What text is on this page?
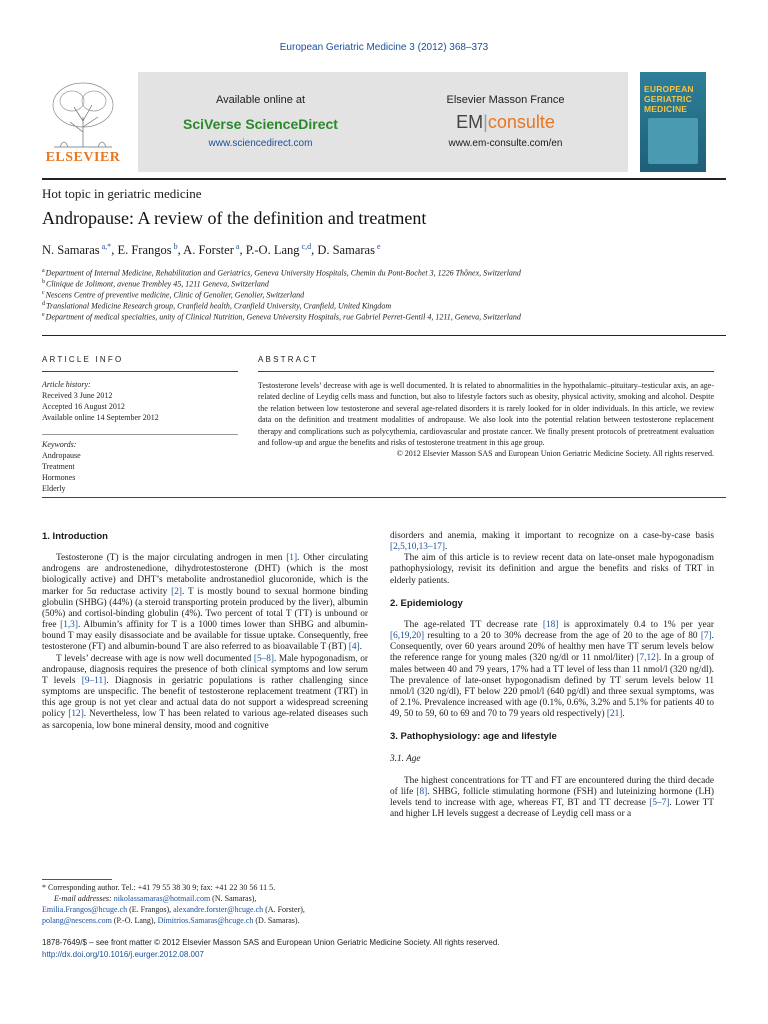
European Geriatric Medicine 3 (2012) 368–373
ELSEVIER
Available online at
SciVerse ScienceDirect
www.sciencedirect.com
Elsevier Masson France
EM|consulte
www.em-consulte.com/en
EUROPEAN
GERIATRIC
MEDICINE
Hot topic in geriatric medicine
Andropause: A review of the definition and treatment
N. Samaras $^{a,*}$, E. Frangos $^b$, A. Forster $^a$, P.-O. Lang $^{c,d}$, D. Samaras $^e$
$^a$Department of Internal Medicine, Rehabilitation and Geriatrics, Geneva University Hospitals, Chemin du Pont-Bochet 3, 1226 Thônex, Switzerland
$^b$Clinique de Jolimont, avenue Trembley 45, 1211 Geneva, Switzerland
$^c$Nescens Centre of preventive medicine, Clinic of Genolier, Genolier, Switzerland
$^d$Translational Medicine Research group, Cranfield health, Cranfield University, Cranfield, United Kingdom
$^e$Department of medical specialties, unity of Clinical Nutrition, Geneva University Hospitals, rue Gabriel Perret-Gentil 4, 1211, Geneva, Switzerland
ARTICLE INFO
Article history:
Received 3 June 2012
Accepted 16 August 2012
Available online 14 September 2012
Keywords:
Andropause
Treatment
Hormones
Elderly
ABSTRACT
Testosterone levels’ decrease with age is well documented. It is related to abnormalities in the hypothalamic–pituitary–testicular axis, an age-related decline of Leydig cells mass and function, but also to lifestyle factors such as obesity, physical activity, smoking and alcohol. Despite the relation between low testosterone and several age-related disorders it is rarely looked for in older individuals. In this article, we review data on the definition and treatment modalities of andropause. We also look into the potential relation between testosterone replacement therapy and complications such as polycythemia, cardiovascular and prostate cancer. We finally present protocols of pretreatment evaluation and follow-up and argue the benefits and risks of testosterone treatment in this age group.
© 2012 Elsevier Masson SAS and European Union Geriatric Medicine Society. All rights reserved.
1. Introduction

Testosterone (T) is the major circulating androgen in men [1]. Other circulating androgens are androstenedione, dihydrotestosterone (DHT) (which is the most biologically active) and DHT’s metabolite androstanediol glucoronide, which is the marker for 5α reductase activity [2]. T is mostly bound to sexual hormone binding globulin (SHBG) (44%) (a steroid transporting protein produced by the liver), albumin (50%) and cortisol-binding globulin (4%). Two percent of total T (TT) is unbound or free [1,3]. Albumin’s affinity for T is a 1000 times lower than SHBG and albumin-bound T may easily disassociate and be available for tissue uptake. Consequently, free testosterone (FT) and albumin-bound T are also referred to as bioavailable T (BT) [4].

T levels’ decrease with age is now well documented [5–8]. Male hypogonadism, or andropause, diagnosis requires the presence of both clinical symptoms and low serum T levels [9–11]. Diagnosis in geriatric populations is rather challenging since symptoms are unspecific. The benefit of testosterone replacement treatment (TRT) in this age group is not yet clear and actual data do not support a widespread screening policy [12]. Nevertheless, low T has been related to various age-related diseases such as sarcopenia, low bone mineral density, mood and cognitive

disorders and anemia, making it important to recognize on a case-by-case basis [2,5,10,13–17].

The aim of this article is to review recent data on late-onset male hypogonadism pathophysiology, revisit its definition and argue the benefits and risks of TRT in elderly patients.

2. Epidemiology

The age-related TT decrease rate [18] is approximately 0.4 to 1% per year [6,19,20] resulting to a 20 to 30% decrease from the age of 20 to the age of 80 [7]. Consequently, over 60 years around 20% of healthy men have TT serum levels below the reference range for young males (320 ng/dl or 11 nmol/liter) [7,12]. In a group of males between 40 and 79 years, 17% had a TT level of less than 11 nmol/l (320 ng/dl). The prevalence of late-onset hypogonadism defined by TT serum levels below 11 nmol/l (320 ng/dl), FT below 220 pmol/l (640 pg/dl) and three sexual symptoms, was of 2.1%. Prevalence increased with age (0.1%, 0.6%, 3.2% and 5.1% for patients 40 to 49, 50 to 59, 60 to 69 and 70 to 79 years old respectively) [21].

3. Pathophysiology: age and lifestyle
3.1. Age

The highest concentrations for TT and FT are encountered during the third decade of life [8]. SHBG, follicle stimulating hormone (FSH) and luteinizing hormone (LH) levels tend to increase with age, whereas FT, BT and TT decrease [5–7]. Lower TT and higher LH levels suggest a decrease of Leydig cell mass or a

* Corresponding author. Tel.: +41 79 55 38 30 9; fax: +41 22 30 56 11 5.
E-mail addresses: nikolassamaras@hotmail.com (N. Samaras),
Emilia.Frangos@hcuge.ch (E. Frangos), alexandre.forster@hcuge.ch (A. Forster),
polang@nescens.com (P.-O. Lang), Dimitrios.Samaras@hcuge.ch (D. Samaras).
1878-7649/$ – see front matter © 2012 Elsevier Masson SAS and European Union Geriatric Medicine Society. All rights reserved.
http://dx.doi.org/10.1016/j.eurger.2012.08.007
